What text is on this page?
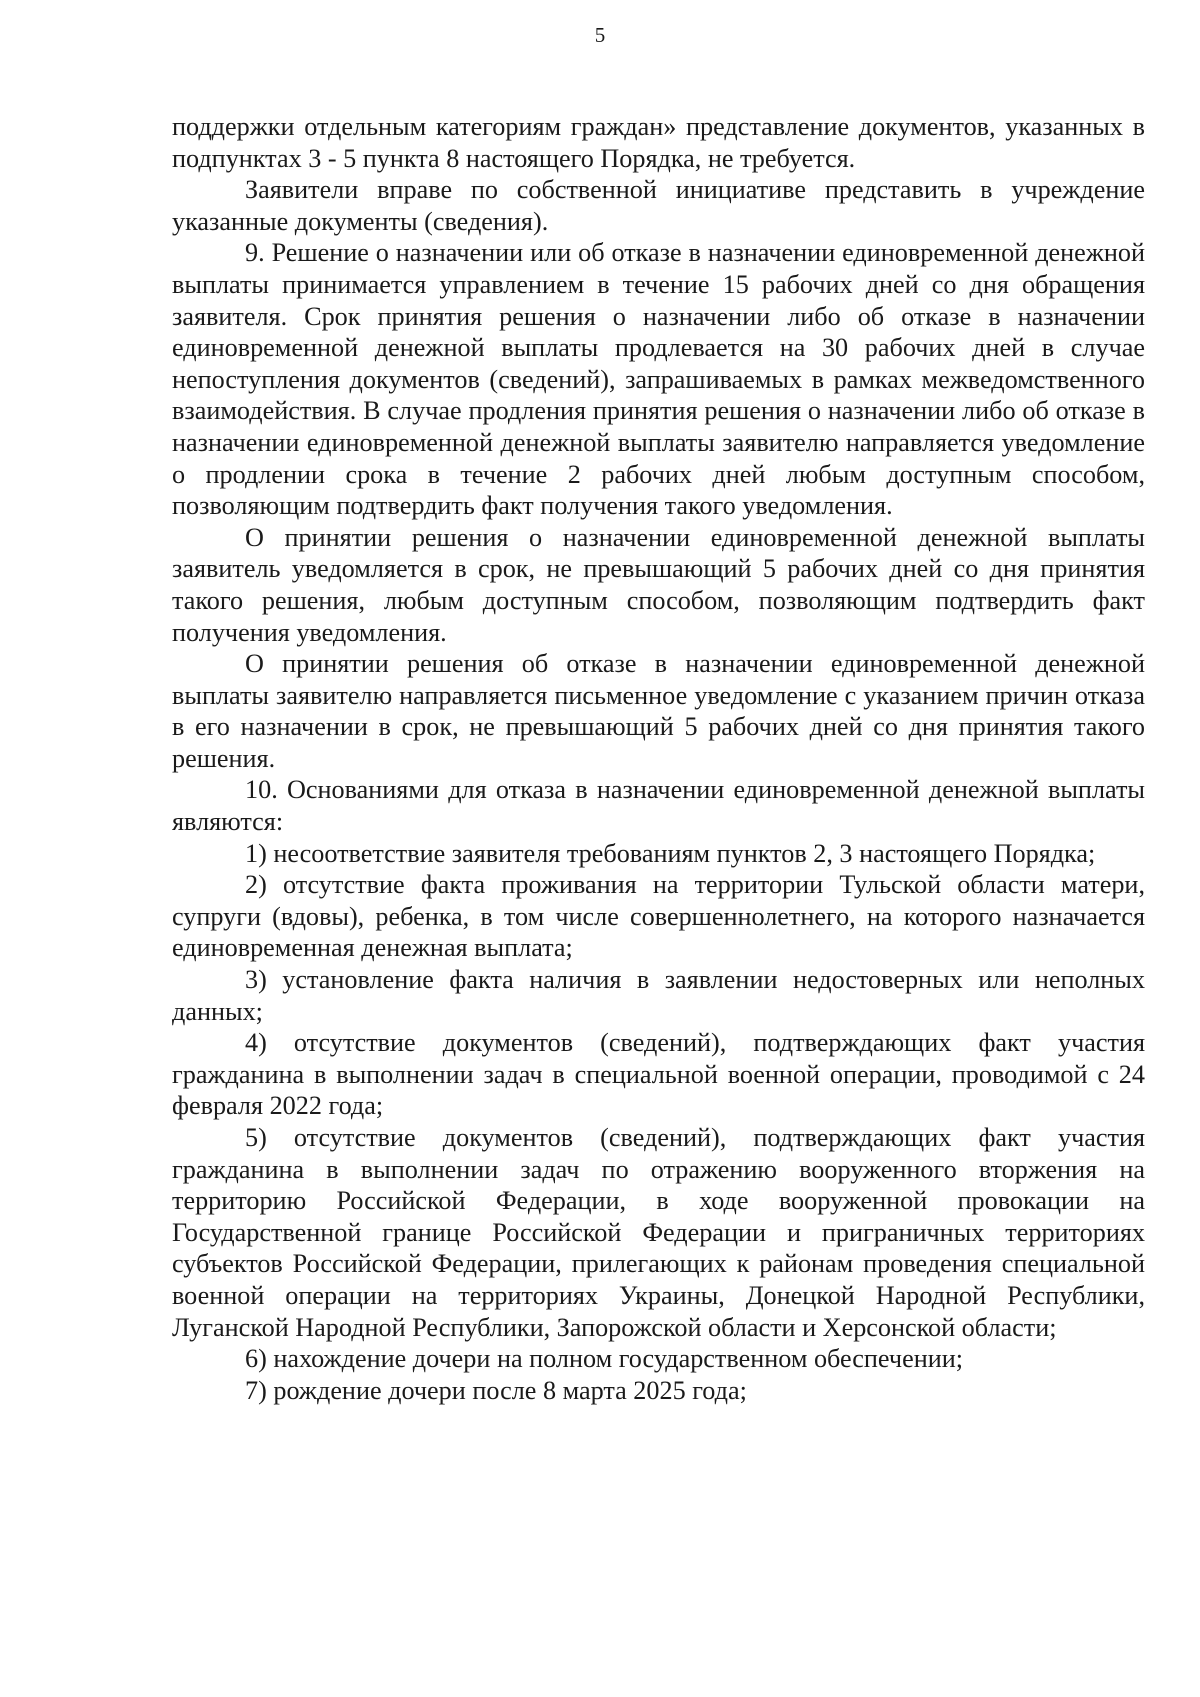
5

поддержки отдельным категориям граждан» представление документов, указанных в подпунктах 3 - 5 пункта 8 настоящего Порядка, не требуется.

Заявители вправе по собственной инициативе представить в учреждение указанные документы (сведения).

9. Решение о назначении или об отказе в назначении единовременной денежной выплаты принимается управлением в течение 15 рабочих дней со дня обращения заявителя. Срок принятия решения о назначении либо об отказе в назначении единовременной денежной выплаты продлевается на 30 рабочих дней в случае непоступления документов (сведений), запрашиваемых в рамках межведомственного взаимодействия. В случае продления принятия решения о назначении либо об отказе в назначении единовременной денежной выплаты заявителю направляется уведомление о продлении срока в течение 2 рабочих дней любым доступным способом, позволяющим подтвердить факт получения такого уведомления.

О принятии решения о назначении единовременной денежной выплаты заявитель уведомляется в срок, не превышающий 5 рабочих дней со дня принятия такого решения, любым доступным способом, позволяющим подтвердить факт получения уведомления.

О принятии решения об отказе в назначении единовременной денежной выплаты заявителю направляется письменное уведомление с указанием причин отказа в его назначении в срок, не превышающий 5 рабочих дней со дня принятия такого решения.

10. Основаниями для отказа в назначении единовременной денежной выплаты являются:

1) несоответствие заявителя требованиям пунктов 2, 3 настоящего Порядка;

2) отсутствие факта проживания на территории Тульской области матери, супруги (вдовы), ребенка, в том числе совершеннолетнего, на которого назначается единовременная денежная выплата;

3) установление факта наличия в заявлении недостоверных или неполных данных;

4) отсутствие документов (сведений), подтверждающих факт участия гражданина в выполнении задач в специальной военной операции, проводимой с 24 февраля 2022 года;

5) отсутствие документов (сведений), подтверждающих факт участия гражданина в выполнении задач по отражению вооруженного вторжения на территорию Российской Федерации, в ходе вооруженной провокации на Государственной границе Российской Федерации и приграничных территориях субъектов Российской Федерации, прилегающих к районам проведения специальной военной операции на территориях Украины, Донецкой Народной Республики, Луганской Народной Республики, Запорожской области и Херсонской области;

6) нахождение дочери на полном государственном обеспечении;

7) рождение дочери после 8 марта 2025 года;
